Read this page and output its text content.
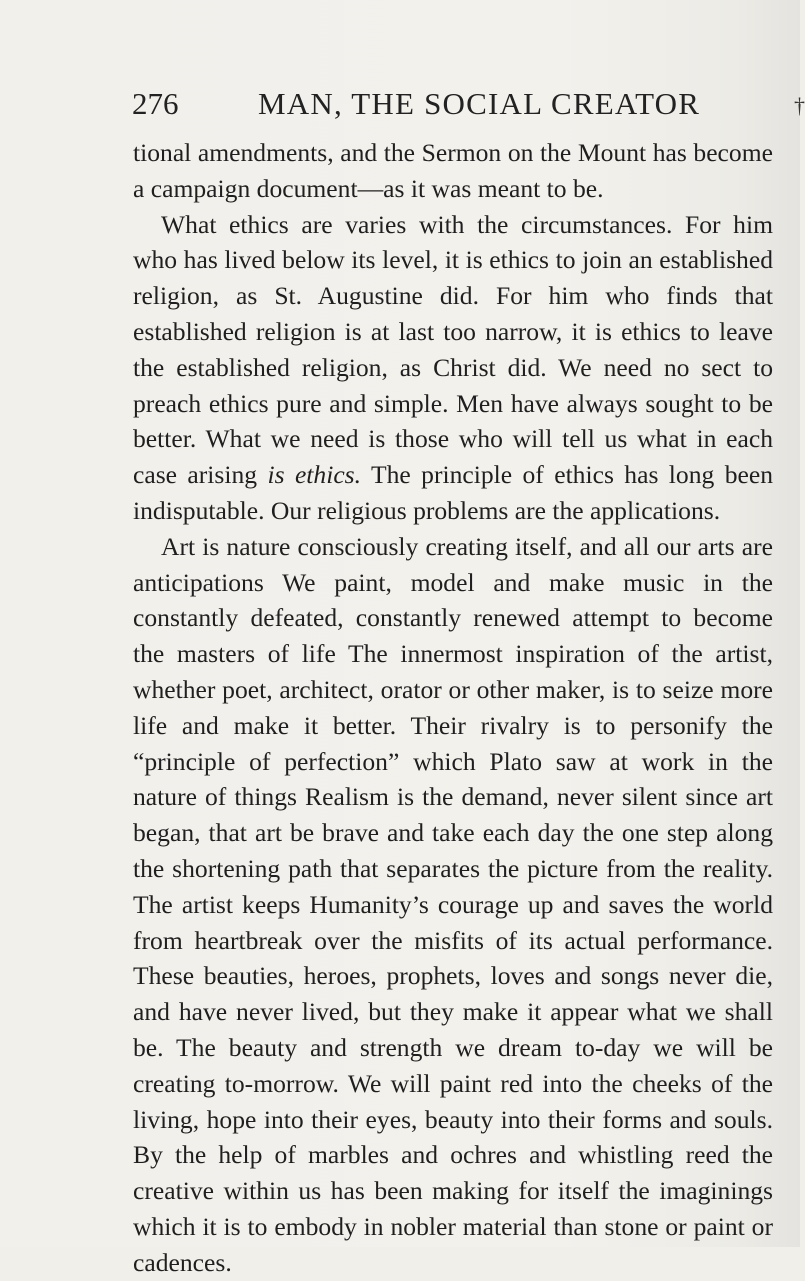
276	MAN, THE SOCIAL CREATOR	†

tional amendments, and the Sermon on the Mount has become a campaign document—as it was meant to be.

What ethics are varies with the circumstances. For him who has lived below its level, it is ethics to join an established religion, as St. Augustine did. For him who finds that established religion is at last too narrow, it is ethics to leave the established religion, as Christ did. We need no sect to preach ethics pure and simple. Men have always sought to be better. What we need is those who will tell us what in each case arising is ethics. The principle of ethics has long been indisputable. Our religious problems are the applications.

Art is nature consciously creating itself, and all our arts are anticipations We paint, model and make music in the constantly defeated, constantly renewed attempt to become the masters of life The innermost inspiration of the artist, whether poet, architect, orator or other maker, is to seize more life and make it better. Their rivalry is to personify the “principle of perfection” which Plato saw at work in the nature of things Realism is the demand, never silent since art began, that art be brave and take each day the one step along the shortening path that separates the picture from the reality. The artist keeps Humanity’s courage up and saves the world from heartbreak over the misfits of its actual performance. These beauties, heroes, prophets, loves and songs never die, and have never lived, but they make it appear what we shall be. The beauty and strength we dream to-day we will be creating to-morrow. We will paint red into the cheeks of the living, hope into their eyes, beauty into their forms and souls. By the help of marbles and ochres and whistling reed the creative within us has been making for itself the imaginings which it is to embody in nobler material than stone or paint or cadences.
